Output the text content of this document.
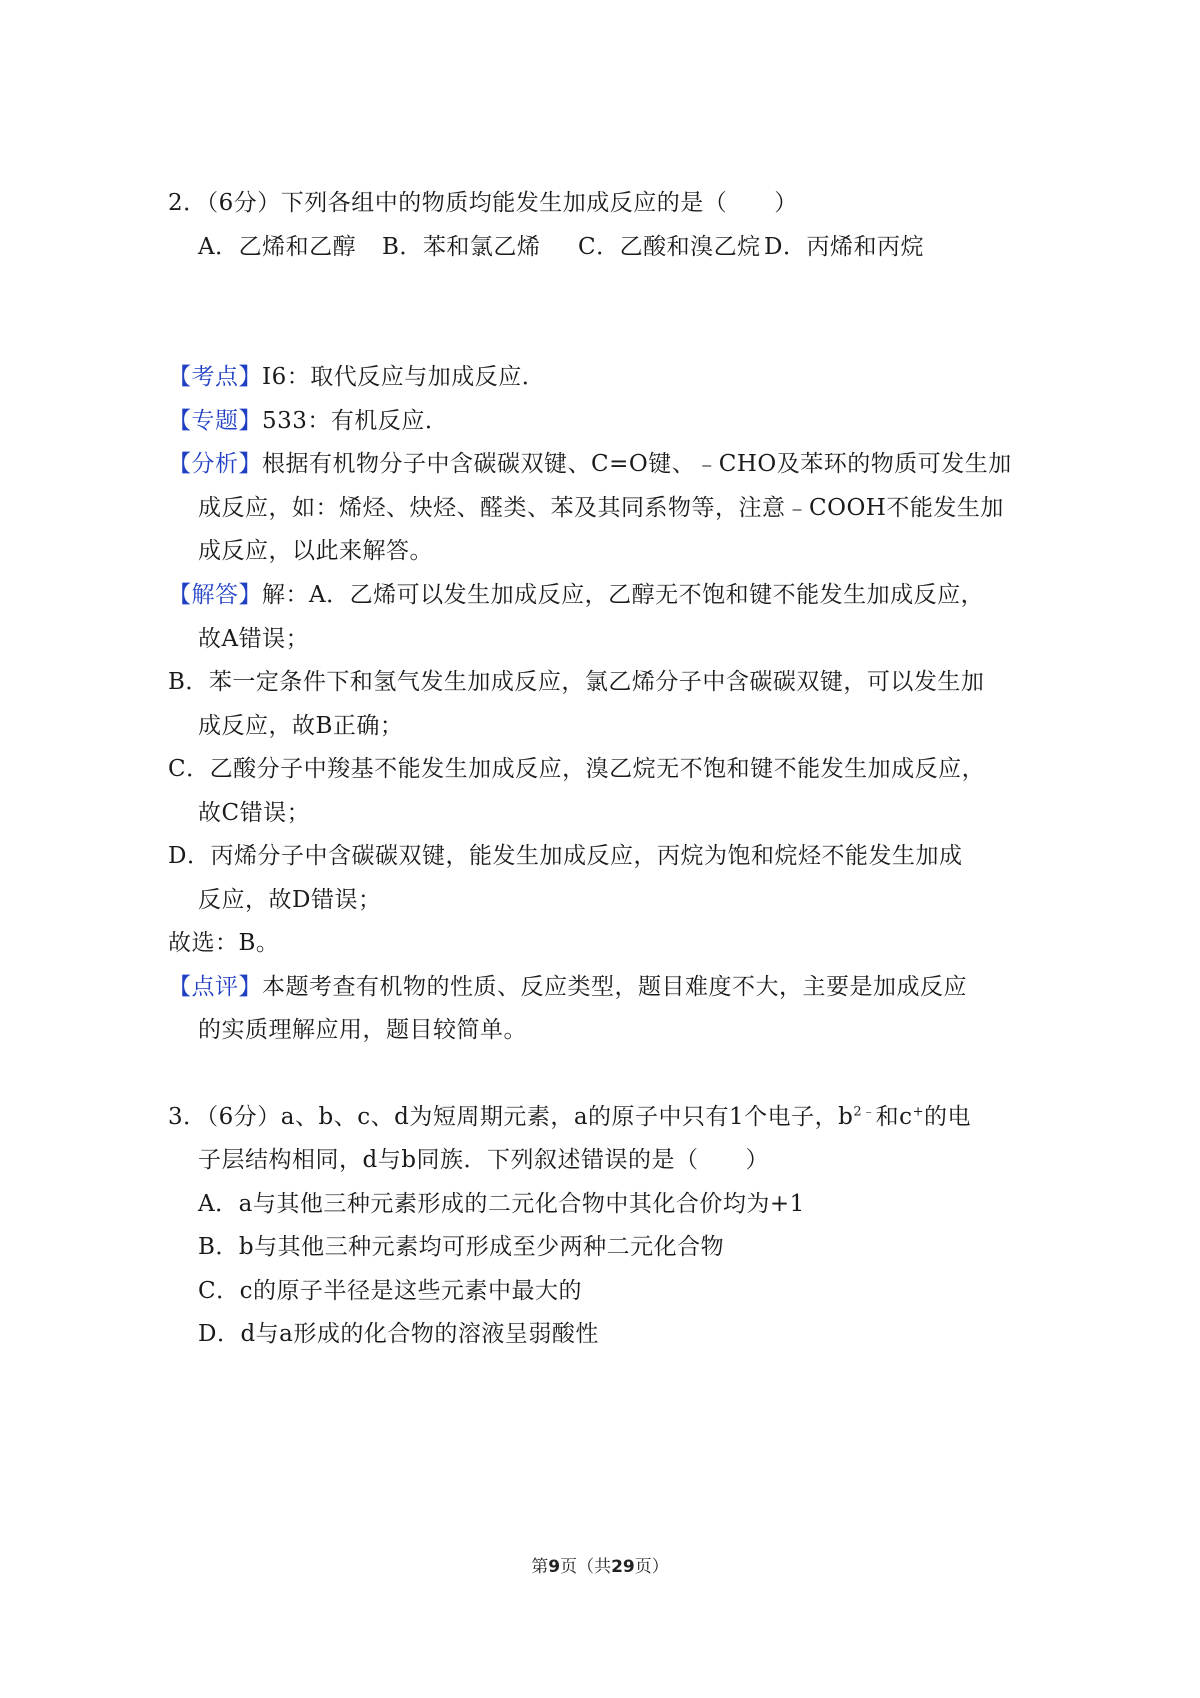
2．（6分）下列各组中的物质均能发生加成反应的是（　　）
A．乙烯和乙醇 B．苯和氯乙烯 C．乙酸和溴乙烷 D．丙烯和丙烷
【考点】I6：取代反应与加成反应．
【专题】533：有机反应．
【分析】根据有机物分子中含碳碳双键、C=O键、﹣CHO及苯环的物质可发生加
成反应，如：烯烃、炔烃、醛类、苯及其同系物等，注意﹣COOH不能发生加
成反应，以此来解答。
【解答】解：A．乙烯可以发生加成反应，乙醇无不饱和键不能发生加成反应，
故A错误；
B．苯一定条件下和氢气发生加成反应，氯乙烯分子中含碳碳双键，可以发生加
成反应，故B正确；
C．乙酸分子中羧基不能发生加成反应，溴乙烷无不饱和键不能发生加成反应，
故C错误；
D．丙烯分子中含碳碳双键，能发生加成反应，丙烷为饱和烷烃不能发生加成
反应，故D错误；
故选：B。
【点评】本题考查有机物的性质、反应类型，题目难度不大，主要是加成反应
的实质理解应用，题目较简单。
3．（6分）a、b、c、d为短周期元素，a的原子中只有1个电子，$b^{2﹣}$和c+的电
子层结构相同，d与b同族．下列叙述错误的是（　　）
A．a与其他三种元素形成的二元化合物中其化合价均为+1
B．b与其他三种元素均可形成至少两种二元化合物
C．c的原子半径是这些元素中最大的
D．d与a形成的化合物的溶液呈弱酸性
第9页（共29页）
